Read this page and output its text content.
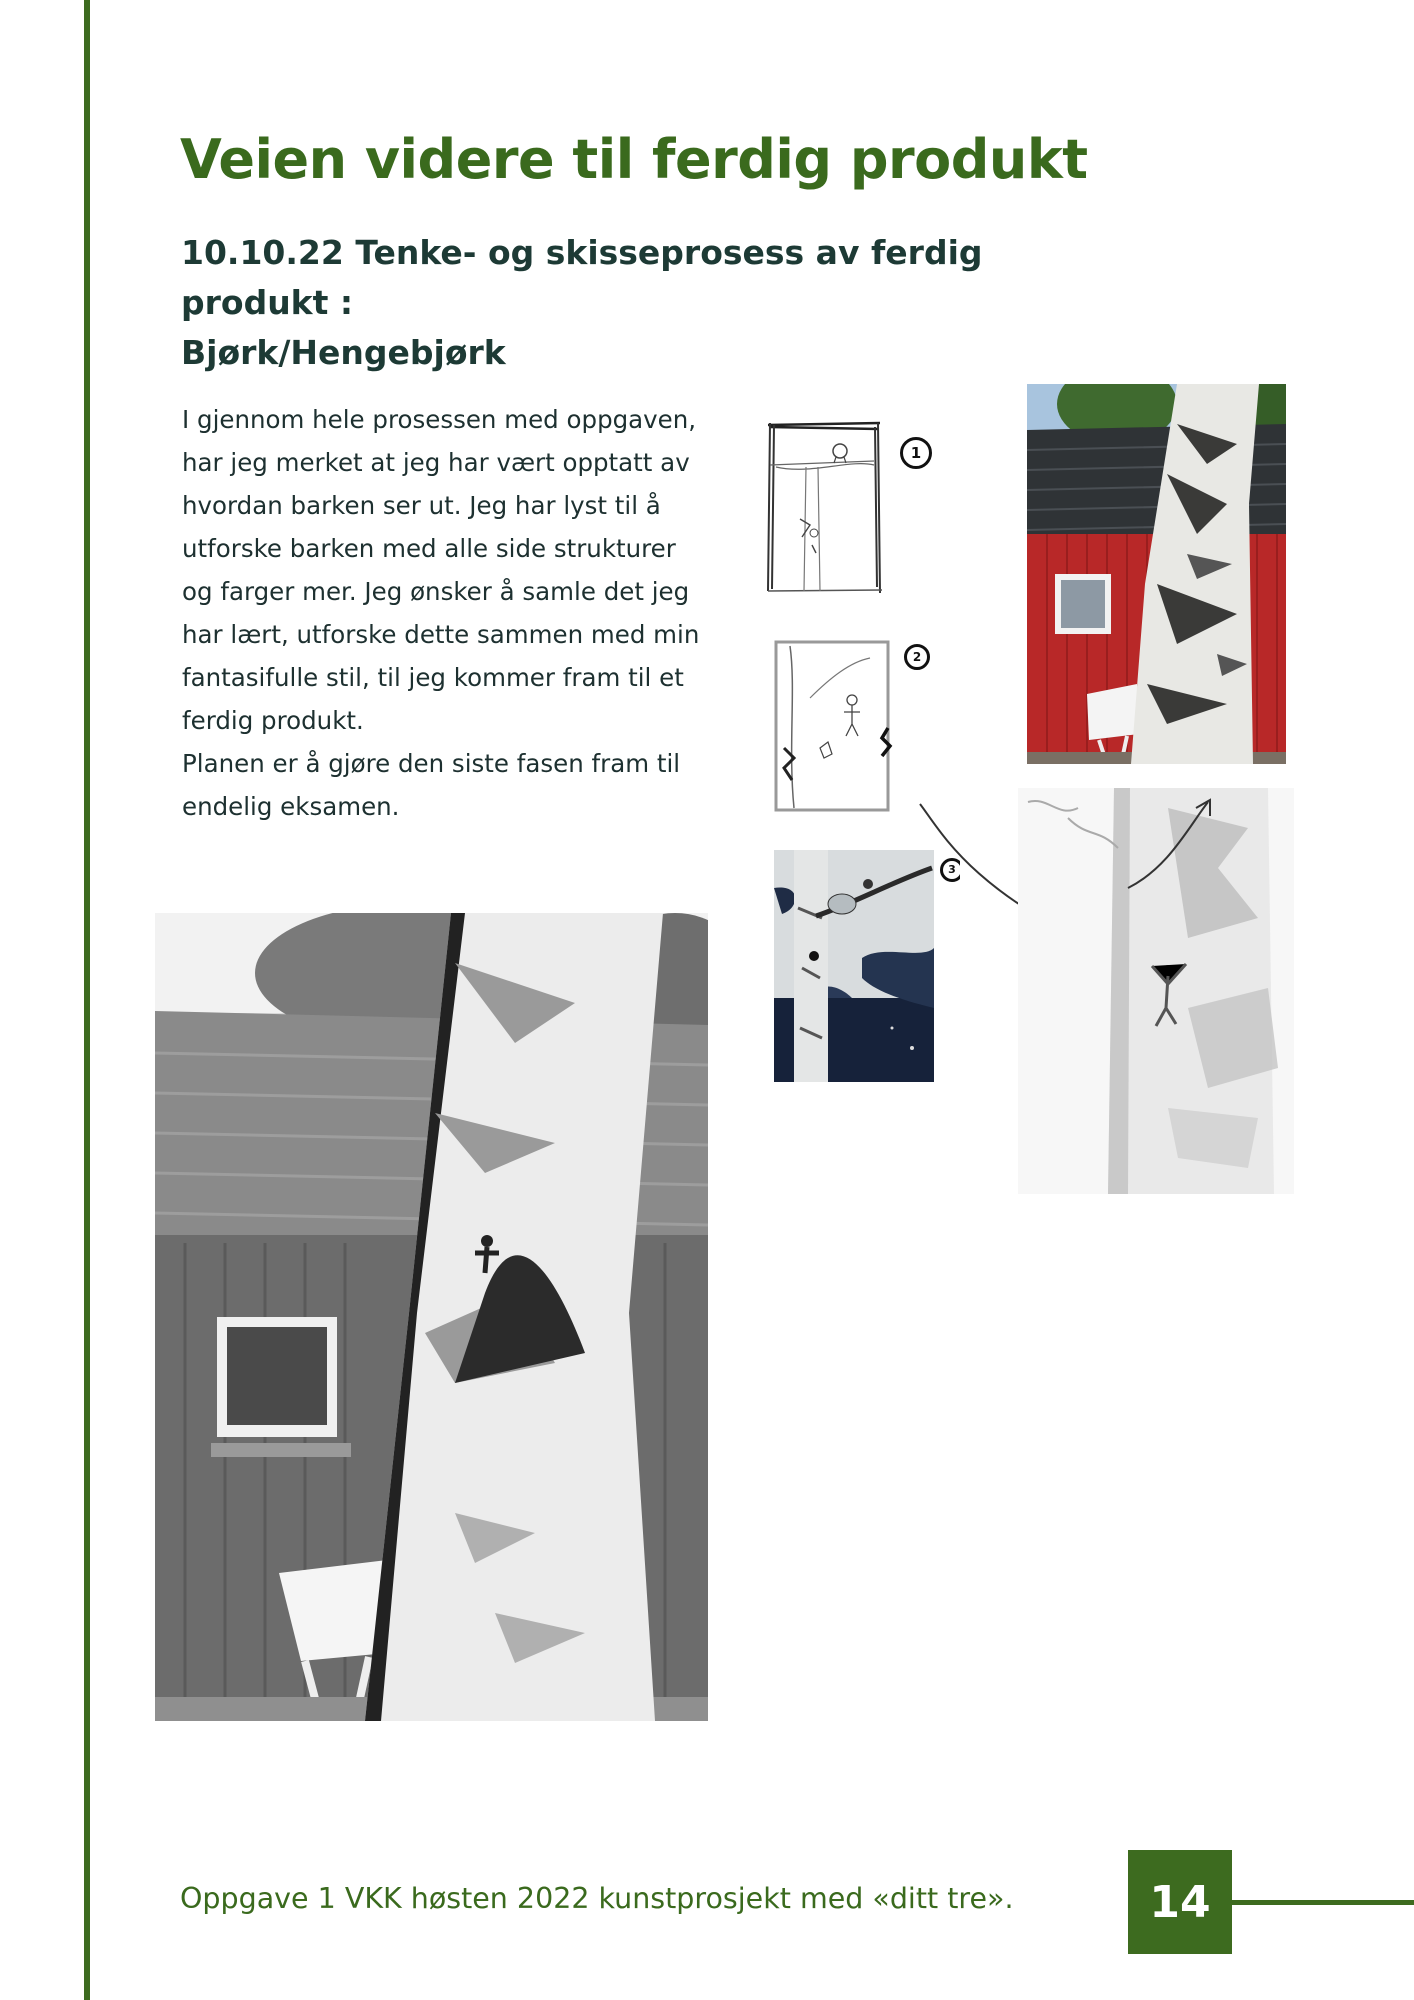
Veien videre til ferdig produkt
10.10.22 Tenke- og skisseprosess av ferdig produkt :
Bjørk/Hengebjørk

I gjennom hele prosessen med oppgaven,

har jeg merket at jeg har vært opptatt av

hvordan barken ser ut. Jeg har lyst til å

utforske barken med alle side strukturer

og farger mer. Jeg ønsker å samle det jeg

har lært, utforske dette sammen med min

fantasifulle stil, til jeg kommer fram til et

ferdig produkt.

Planen er å gjøre den siste fasen fram til

endelig eksamen.

1
2
3
Oppgave 1 VKK høsten 2022 kunstprosjekt med «ditt tre».	14
